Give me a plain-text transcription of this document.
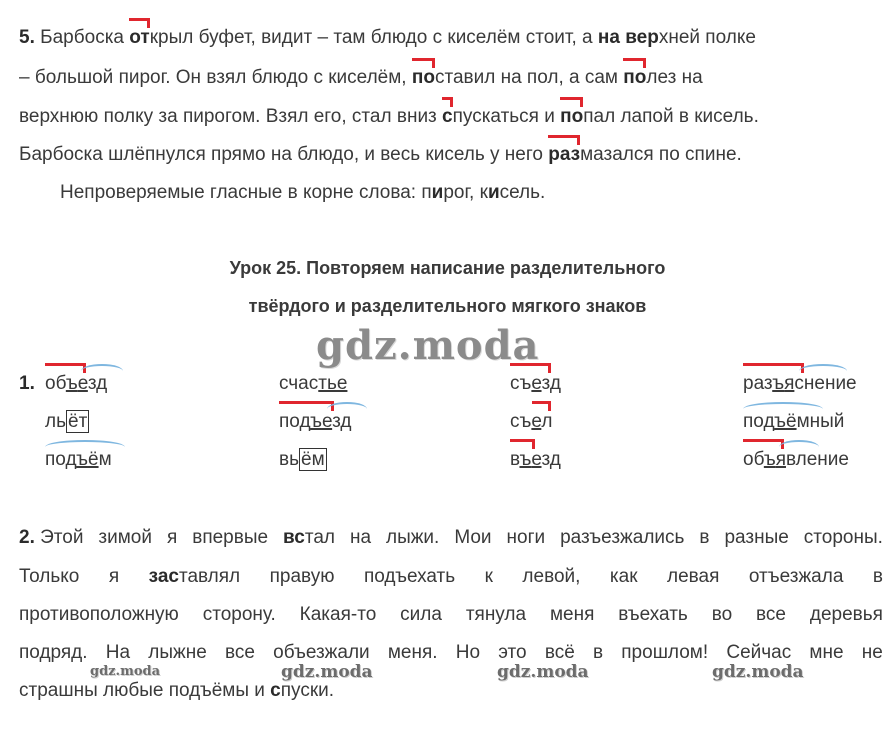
5. Барбоска
открыл буфет, видит – там блюдо с киселём стоит, а на верхней полке
– большой пирог. Он взял блюдо с киселём,
поставил на пол, а сам
полез на
верхнюю полку за пирогом. Взял его, стал вниз
спускаться и
попал лапой в кисель.
Барбоска шлёпнулся прямо на блюдо, и весь кисель у него
размазался по спине.
Непроверяемые гласные в корне слова: пирог, кисель.
Урок 25. Повторяем написание разделительного
твёрдого и разделительного мягкого знаков
gdz.moda
1. объезд	счастье	съезд	разъяснение
ль ёт	подъезд	съел	подъёмный
подъём	вь ём	въезд	объявление
2. Этой зимой я впервые встал на лыжи. Мои ноги разъезжались в разные стороны.
Только я заставлял правую подъехать к левой, как левая отъезжала в
противоположную сторону. Какая-то сила тянула меня въехать во все деревья
подряд. На лыжне все объезжали меня. Но это всё в прошлом! Сейчас мне не
страшны любые подъёмы и спуски.
gdz.moda	gdz.moda	gdz.moda	gdz.moda
